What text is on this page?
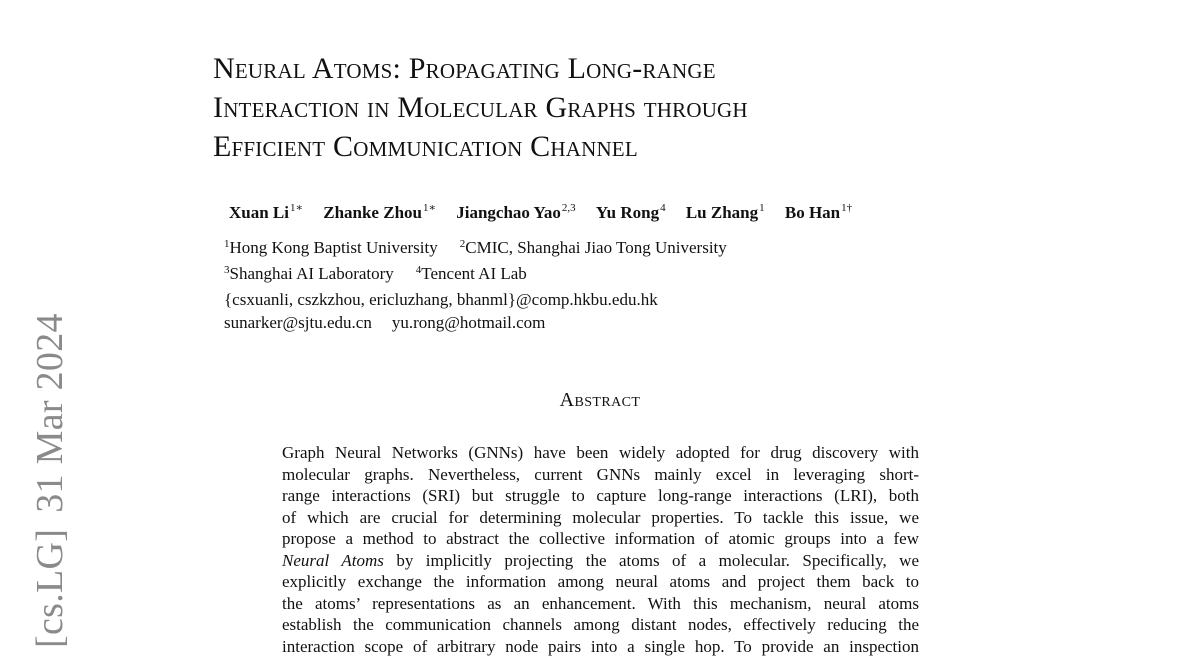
[cs.LG]31 Mar 2024
Neural Atoms: Propagating Long-range
Interaction in Molecular Graphs through
Efficient Communication Channel
Xuan $Li^{1∗}$ Zhanke Zhou$^{1∗}$ Jiangchao Yao$^{2,3}$ Yu Rong$^4$ Lu Zhang$^1$ Bo Han$^{1\dagger}$
$^1$Hong Kong Baptist University $^2$CMIC, Shanghai Jiao Tong University
$^3$Shanghai AI Laboratory $^4$Tencent AI Lab
{csxuanli, cszkzhou, ericluzhang, bhanml}@comp.hkbu.edu.hk
sunarker@sjtu.edu.cn yu.rong@hotmail.com
Abstract
Graph Neural Networks (GNNs) have been widely adopted for drug discovery with
molecular graphs. Nevertheless, current GNNs mainly excel in leveraging short-
range interactions (SRI) but struggle to capture long-range interactions (LRI), both
of which are crucial for determining molecular properties. To tackle this issue, we
propose a method to abstract the collective information of atomic groups into a few
Neural Atoms by implicitly projecting the atoms of a molecular. Specifically, we
explicitly exchange the information among neural atoms and project them back to
the atoms’ representations as an enhancement. With this mechanism, neural atoms
establish the communication channels among distant nodes, effectively reducing the
interaction scope of arbitrary node pairs into a single hop. To provide an inspection
